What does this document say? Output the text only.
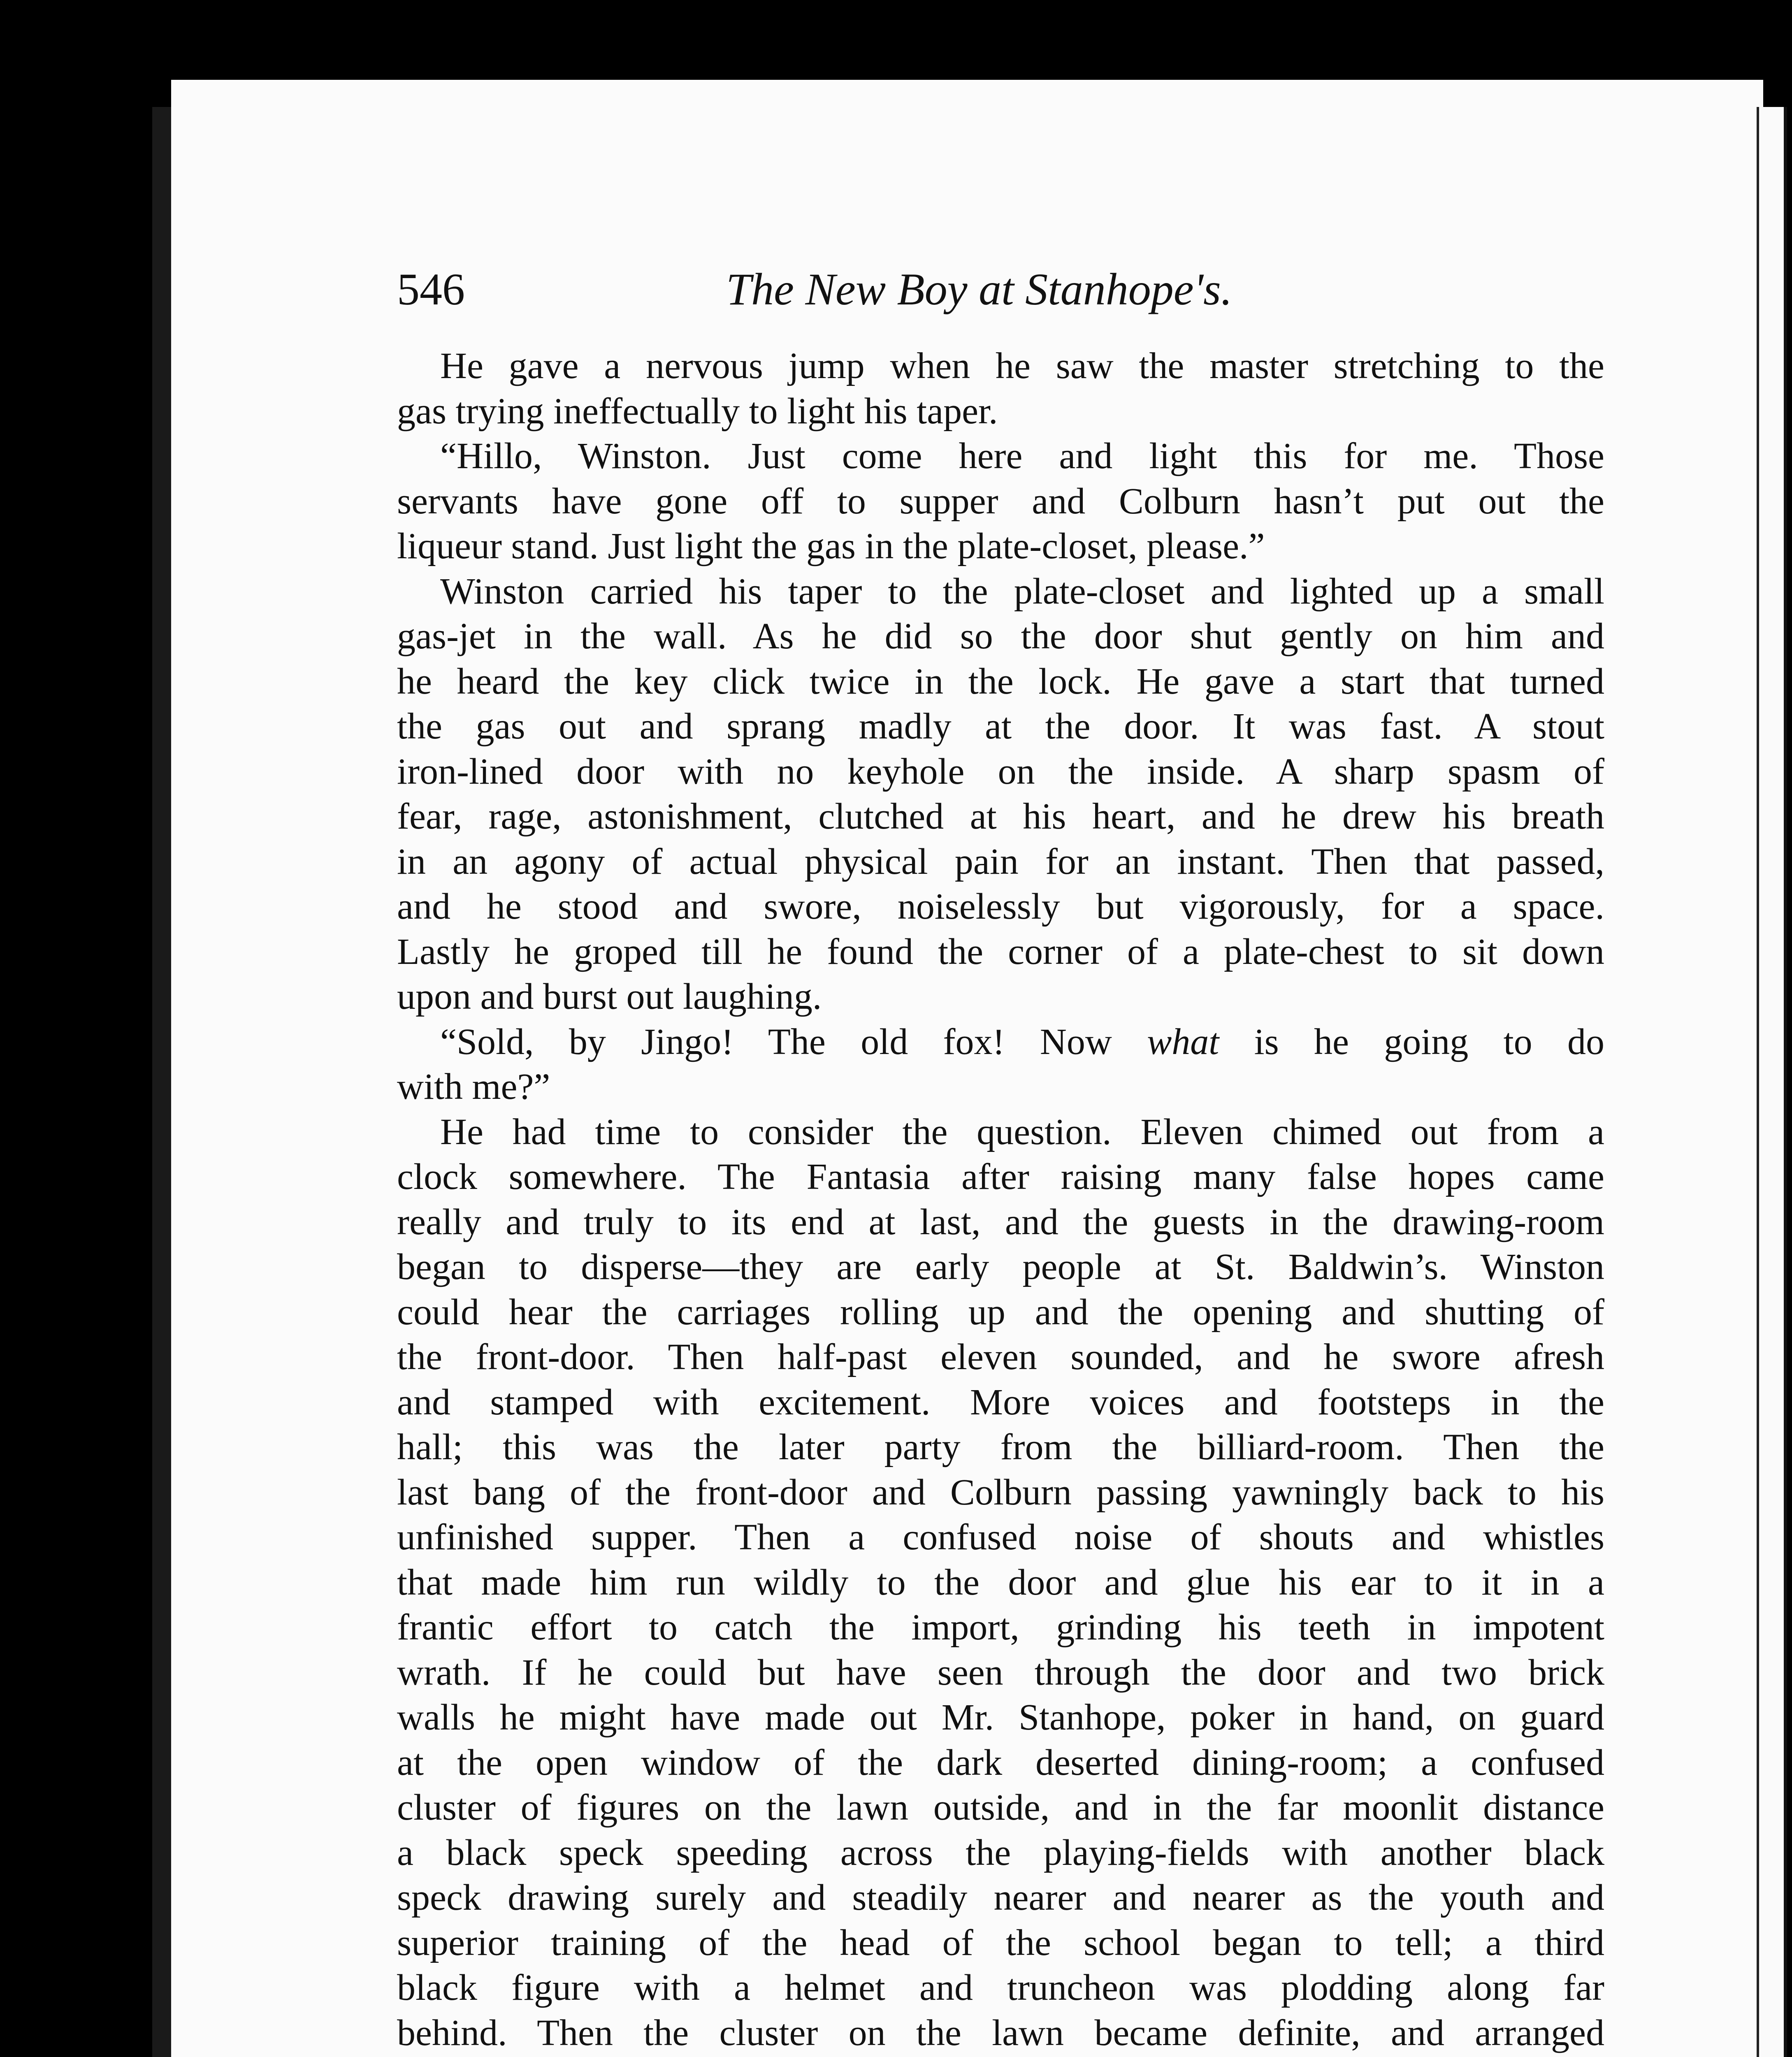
546	The New Boy at Stanhope's.
He gave a nervous jump when he saw the master stretching to the
gas trying ineffectually to light his taper.
“Hillo, Winston. Just come here and light this for me. Those
servants have gone off to supper and Colburn hasn’t put out the
liqueur stand. Just light the gas in the plate-closet, please.”
Winston carried his taper to the plate-closet and lighted up a small
gas-jet in the wall. As he did so the door shut gently on him and
he heard the key click twice in the lock. He gave a start that turned
the gas out and sprang madly at the door. It was fast. A stout
iron-lined door with no keyhole on the inside. A sharp spasm of
fear, rage, astonishment, clutched at his heart, and he drew his breath
in an agony of actual physical pain for an instant. Then that passed,
and he stood and swore, noiselessly but vigorously, for a space.
Lastly he groped till he found the corner of a plate-chest to sit down
upon and burst out laughing.
“Sold, by Jingo! The old fox! Now what is he going to do
with me?”
He had time to consider the question. Eleven chimed out from a
clock somewhere. The Fantasia after raising many false hopes came
really and truly to its end at last, and the guests in the drawing-room
began to disperse—they are early people at St. Baldwin’s. Winston
could hear the carriages rolling up and the opening and shutting of
the front-door. Then half-past eleven sounded, and he swore afresh
and stamped with excitement. More voices and footsteps in the
hall; this was the later party from the billiard-room. Then the
last bang of the front-door and Colburn passing yawningly back to his
unfinished supper. Then a confused noise of shouts and whistles
that made him run wildly to the door and glue his ear to it in a
frantic effort to catch the import, grinding his teeth in impotent
wrath. If he could but have seen through the door and two brick
walls he might have made out Mr. Stanhope, poker in hand, on guard
at the open window of the dark deserted dining-room; a confused
cluster of figures on the lawn outside, and in the far moonlit distance
a black speck speeding across the playing-fields with another black
speck drawing surely and steadily nearer and nearer as the youth and
superior training of the head of the school began to tell; a third
black figure with a helmet and truncheon was plodding along far
behind. Then the cluster on the lawn became definite, and arranged
